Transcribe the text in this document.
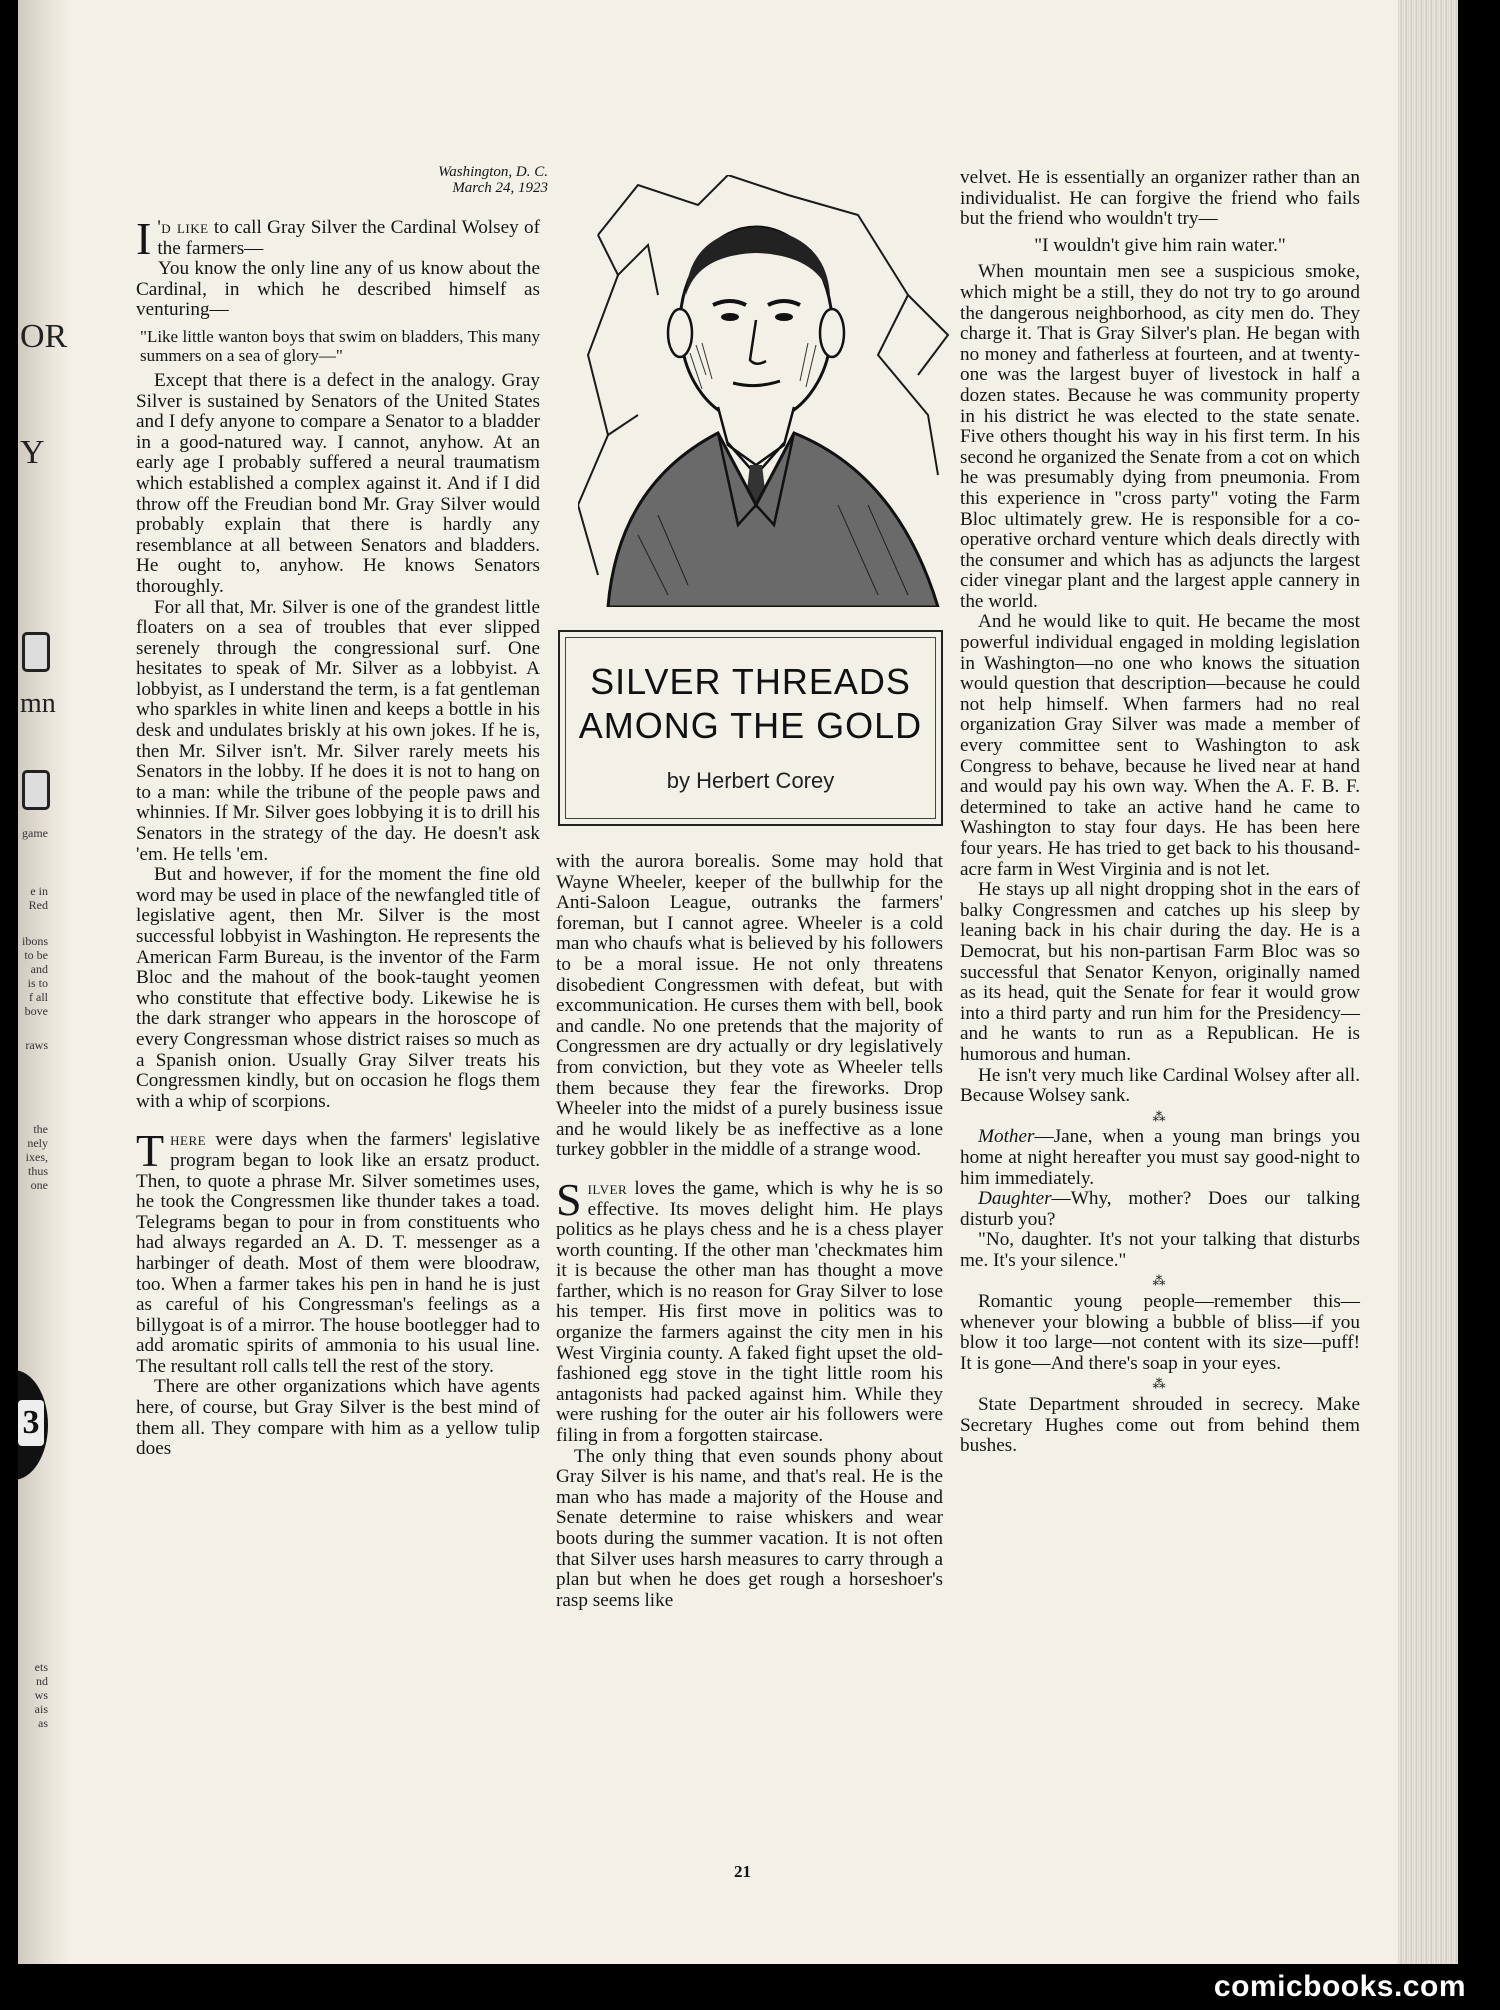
OR
Y
mn
game
e in Red
ibons to be and is to f all bove
raws
the nely ixes, thus one
3
ets nd ws ais as
Washington, D. C.
March 24, 1923

I 'd like to call Gray Silver the Cardinal Wolsey of the farmers—

You know the only line any of us know about the Cardinal, in which he described himself as venturing—

"Like little wanton boys that swim on bladders, This many summers on a sea of glory—"

Except that there is a defect in the analogy. Gray Silver is sustained by Senators of the United States and I defy anyone to compare a Senator to a bladder in a good-natured way. I cannot, anyhow. At an early age I probably suffered a neural traumatism which established a complex against it. And if I did throw off the Freudian bond Mr. Gray Silver would probably explain that there is hardly any resemblance at all between Senators and bladders. He ought to, anyhow. He knows Senators thoroughly.

For all that, Mr. Silver is one of the grandest little floaters on a sea of troubles that ever slipped serenely through the congressional surf. One hesitates to speak of Mr. Silver as a lobbyist. A lobbyist, as I understand the term, is a fat gentleman who sparkles in white linen and keeps a bottle in his desk and undulates briskly at his own jokes. If he is, then Mr. Silver isn't. Mr. Silver rarely meets his Senators in the lobby. If he does it is not to hang on to a man: while the tribune of the people paws and whinnies. If Mr. Silver goes lobbying it is to drill his Senators in the strategy of the day. He doesn't ask 'em. He tells 'em.

But and however, if for the moment the fine old word may be used in place of the newfangled title of legislative agent, then Mr. Silver is the most successful lobbyist in Washington. He represents the American Farm Bureau, is the inventor of the Farm Bloc and the mahout of the book-taught yeomen who constitute that effective body. Likewise he is the dark stranger who appears in the horoscope of every Congressman whose district raises so much as a Spanish onion. Usually Gray Silver treats his Congressmen kindly, but on occasion he flogs them with a whip of scorpions.

There were days when the farmers' legislative program began to look like an ersatz product. Then, to quote a phrase Mr. Silver sometimes uses, he took the Congressmen like thunder takes a toad. Telegrams began to pour in from constituents who had always regarded an A. D. T. messenger as a harbinger of death. Most of them were bloodraw, too. When a farmer takes his pen in hand he is just as careful of his Congressman's feelings as a billygoat is of a mirror. The house bootlegger had to add aromatic spirits of ammonia to his usual line. The resultant roll calls tell the rest of the story.

There are other organizations which have agents here, of course, but Gray Silver is the best mind of them all. They compare with him as a yellow tulip does

SILVER THREADS
AMONG THE GOLD
by Herbert Corey

with the aurora borealis. Some may hold that Wayne Wheeler, keeper of the bullwhip for the Anti-Saloon League, outranks the farmers' foreman, but I cannot agree. Wheeler is a cold man who chaufs what is believed by his followers to be a moral issue. He not only threatens disobedient Congressmen with defeat, but with excommunication. He curses them with bell, book and candle. No one pretends that the majority of Congressmen are dry actually or dry legislatively from conviction, but they vote as Wheeler tells them because they fear the fireworks. Drop Wheeler into the midst of a purely business issue and he would likely be as ineffective as a lone turkey gobbler in the middle of a strange wood.

Silver loves the game, which is why he is so effective. Its moves delight him. He plays politics as he plays chess and he is a chess player worth counting. If the other man 'checkmates him it is because the other man has thought a move farther, which is no reason for Gray Silver to lose his temper. His first move in politics was to organize the farmers against the city men in his West Virginia county. A faked fight upset the old-fashioned egg stove in the tight little room his antagonists had packed against him. While they were rushing for the outer air his followers were filing in from a forgotten staircase.

The only thing that even sounds phony about Gray Silver is his name, and that's real. He is the man who has made a majority of the House and Senate determine to raise whiskers and wear boots during the summer vacation. It is not often that Silver uses harsh measures to carry through a plan but when he does get rough a horseshoer's rasp seems like

velvet. He is essentially an organizer rather than an individualist. He can forgive the friend who fails but the friend who wouldn't try—

"I wouldn't give him rain water."

When mountain men see a suspicious smoke, which might be a still, they do not try to go around the dangerous neighborhood, as city men do. They charge it. That is Gray Silver's plan. He began with no money and fatherless at fourteen, and at twenty-one was the largest buyer of livestock in half a dozen states. Because he was community property in his district he was elected to the state senate. Five others thought his way in his first term. In his second he organized the Senate from a cot on which he was presumably dying from pneumonia. From this experience in "cross party" voting the Farm Bloc ultimately grew. He is responsible for a co-operative orchard venture which deals directly with the consumer and which has as adjuncts the largest cider vinegar plant and the largest apple cannery in the world.

And he would like to quit. He became the most powerful individual engaged in molding legislation in Washington—no one who knows the situation would question that description—because he could not help himself. When farmers had no real organization Gray Silver was made a member of every committee sent to Washington to ask Congress to behave, because he lived near at hand and would pay his own way. When the A. F. B. F. determined to take an active hand he came to Washington to stay four days. He has been here four years. He has tried to get back to his thousand-acre farm in West Virginia and is not let.

He stays up all night dropping shot in the ears of balky Congressmen and catches up his sleep by leaning back in his chair during the day. He is a Democrat, but his non-partisan Farm Bloc was so successful that Senator Kenyon, originally named as its head, quit the Senate for fear it would grow into a third party and run him for the Presidency—and he wants to run as a Republican. He is humorous and human.

He isn't very much like Cardinal Wolsey after all. Because Wolsey sank.

⁂

Mother—Jane, when a young man brings you home at night hereafter you must say good-night to him immediately.

Daughter—Why, mother? Does our talking disturb you?

"No, daughter. It's not your talking that disturbs me. It's your silence."

⁂

Romantic young people—remember this—whenever your blowing a bubble of bliss—if you blow it too large—not content with its size—puff! It is gone—And there's soap in your eyes.

⁂

State Department shrouded in secrecy. Make Secretary Hughes come out from behind them bushes.

21
comicbooks.com
